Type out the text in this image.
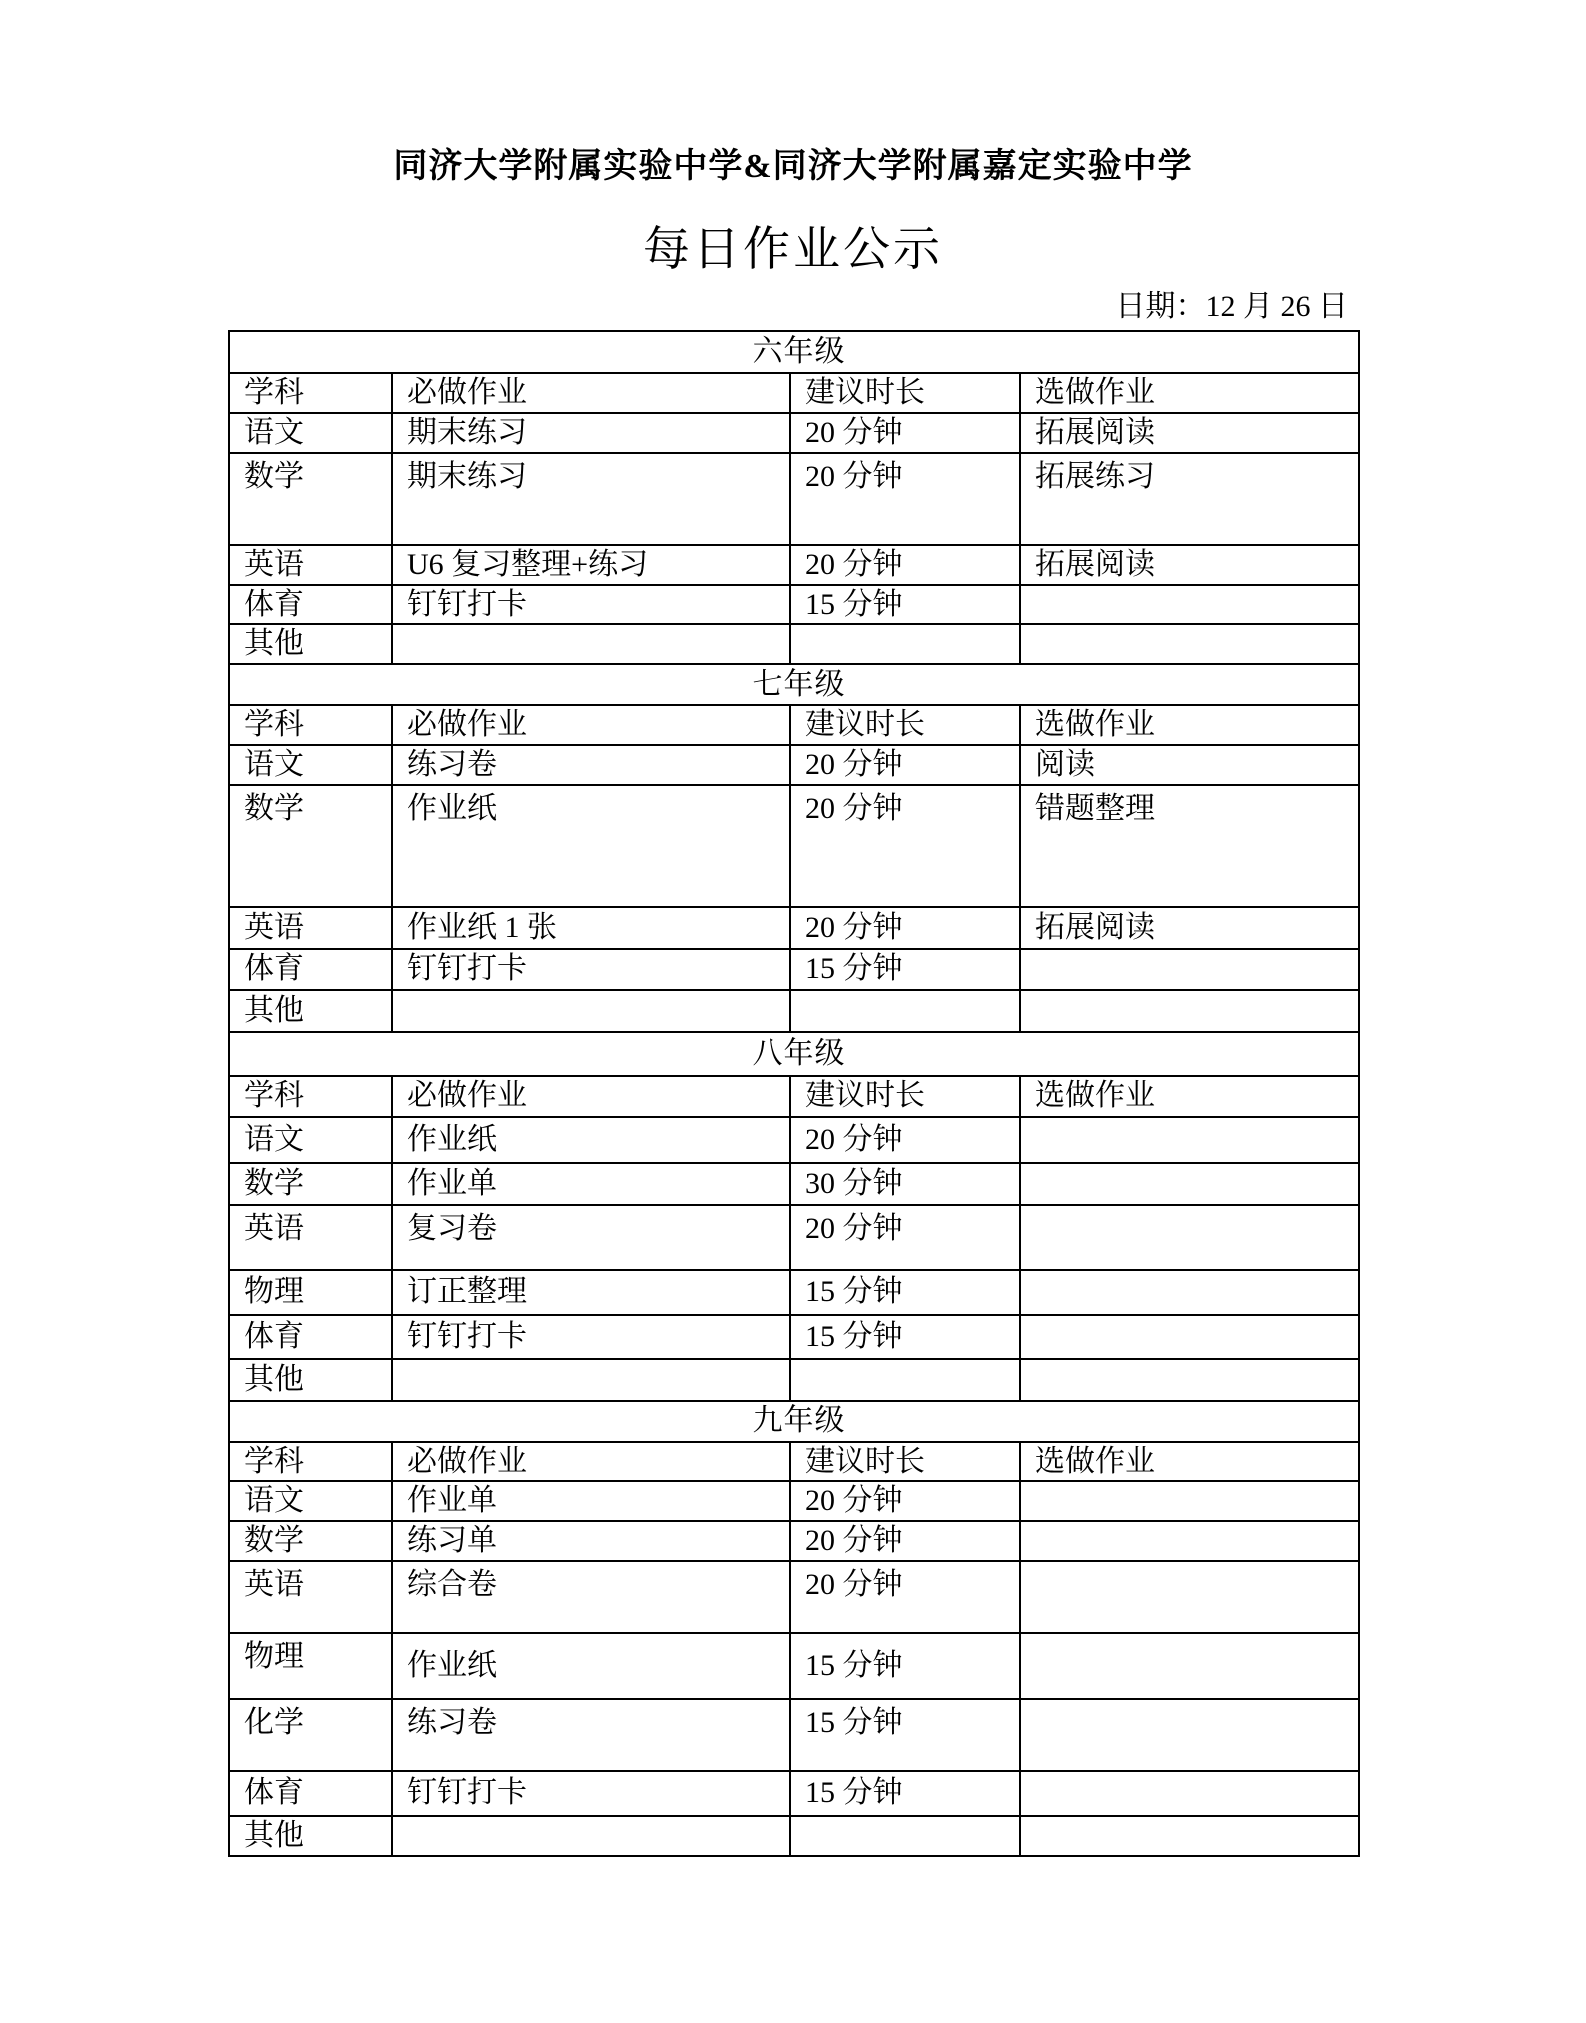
同济大学附属实验中学&同济大学附属嘉定实验中学
每日作业公示
日期：12 月 26 日
六年级			
学科	必做作业	建议时长	选做作业
语文	期末练习	20 分钟	拓展阅读
数学	期末练习	20 分钟	拓展练习
英语	U6 复习整理+练习	20 分钟	拓展阅读
体育	钉钉打卡	15 分钟	
其他			
七年级			
学科	必做作业	建议时长	选做作业
语文	练习卷	20 分钟	阅读
数学	作业纸	20 分钟	错题整理
英语	作业纸 1 张	20 分钟	拓展阅读
体育	钉钉打卡	15 分钟	
其他			
八年级			
学科	必做作业	建议时长	选做作业
语文	作业纸	20 分钟	
数学	作业单	30 分钟	
英语	复习卷	20 分钟	
物理	订正整理	15 分钟	
体育	钉钉打卡	15 分钟	
其他			
九年级			
学科	必做作业	建议时长	选做作业
语文	作业单	20 分钟	
数学	练习单	20 分钟	
英语	综合卷	20 分钟	
物理	作业纸	15 分钟	
化学	练习卷	15 分钟	
体育	钉钉打卡	15 分钟	
其他			
